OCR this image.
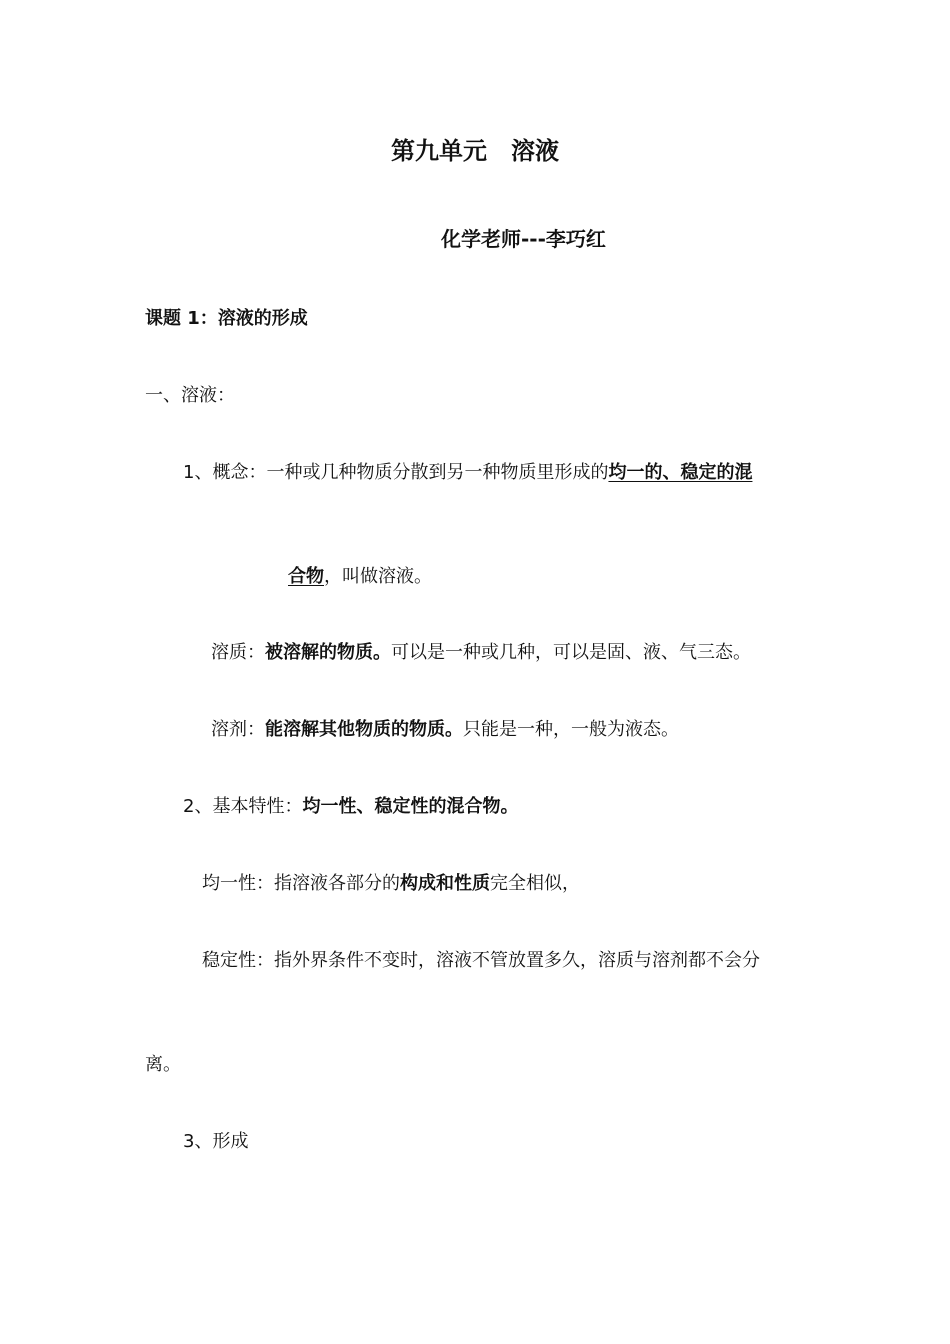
第九单元　溶液
化学老师---李巧红
课题 1：溶液的形成
一、溶液：
1、概念：一种或几种物质分散到另一种物质里形成的均一的、稳定的混
合物，叫做溶液。
溶质：被溶解的物质。可以是一种或几种，可以是固、液、气三态。
溶剂：能溶解其他物质的物质。只能是一种，一般为液态。
2、基本特性：均一性、稳定性的混合物。
均一性：指溶液各部分的构成和性质完全相似，
稳定性：指外界条件不变时，溶液不管放置多久，溶质与溶剂都不会分
离。
3、形成
